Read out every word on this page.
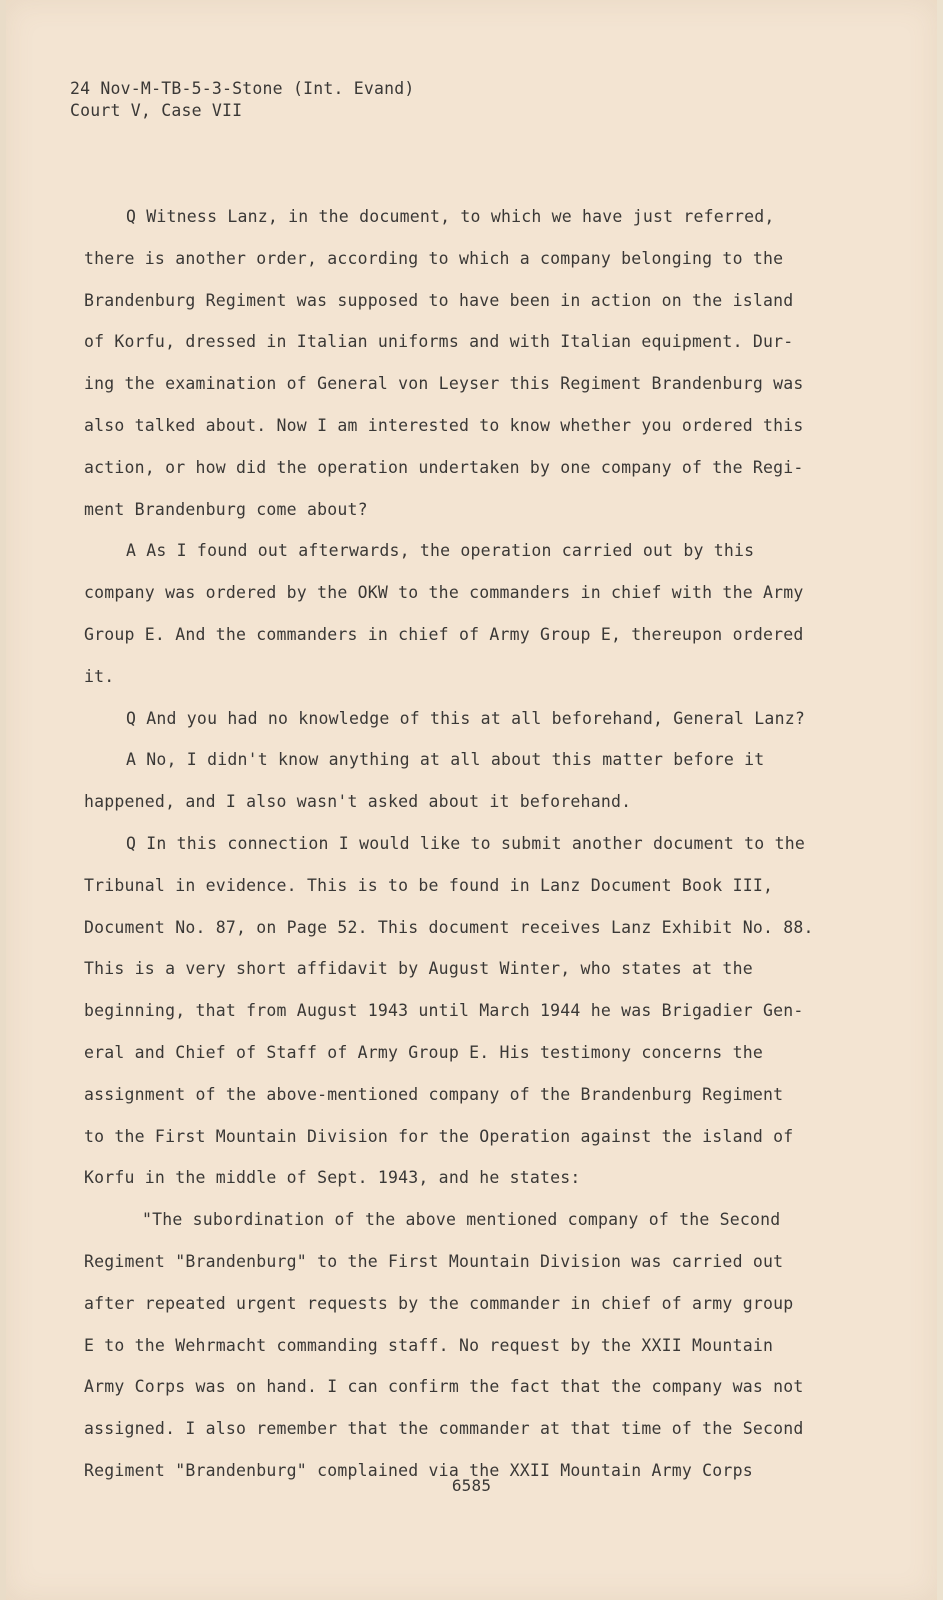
24 Nov-M-TB-5-3-Stone (Int. Evand)
Court V, Case VII
Q Witness Lanz, in the document, to which we have just referred,
there is another order, according to which a company belonging to the
Brandenburg Regiment was supposed to have been in action on the island
of Korfu, dressed in Italian uniforms and with Italian equipment. Dur-
ing the examination of General von Leyser this Regiment Brandenburg was
also talked about. Now I am interested to know whether you ordered this
action, or how did the operation undertaken by one company of the Regi-
ment Brandenburg come about?
A As I found out afterwards, the operation carried out by this
company was ordered by the OKW to the commanders in chief with the Army
Group E. And the commanders in chief of Army Group E, thereupon ordered
it.
Q And you had no knowledge of this at all beforehand, General Lanz?
A No, I didn't know anything at all about this matter before it
happened, and I also wasn't asked about it beforehand.
Q In this connection I would like to submit another document to the
Tribunal in evidence. This is to be found in Lanz Document Book III,
Document No. 87, on Page 52. This document receives Lanz Exhibit No. 88.
This is a very short affidavit by August Winter, who states at the
beginning, that from August 1943 until March 1944 he was Brigadier Gen-
eral and Chief of Staff of Army Group E. His testimony concerns the
assignment of the above-mentioned company of the Brandenburg Regiment
to the First Mountain Division for the Operation against the island of
Korfu in the middle of Sept. 1943, and he states:
"The subordination of the above mentioned company of the Second
Regiment "Brandenburg" to the First Mountain Division was carried out
after repeated urgent requests by the commander in chief of army group
E to the Wehrmacht commanding staff. No request by the XXII Mountain
Army Corps was on hand. I can confirm the fact that the company was not
assigned. I also remember that the commander at that time of the Second
Regiment "Brandenburg" complained via the XXII Mountain Army Corps
6585
